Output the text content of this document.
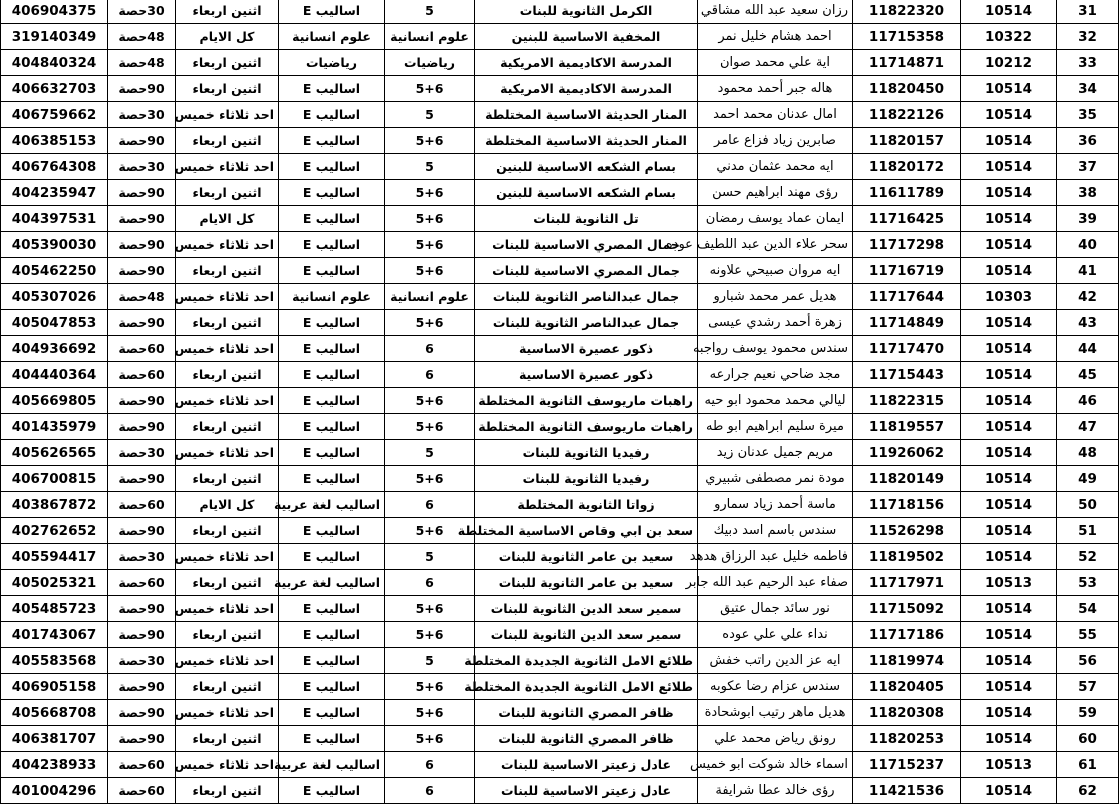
406904375	30حصة	اثنين اربعاء	اساليب E	5	الكرمل الثانوية للبنات	رزان سعيد عبد الله مشاقي	11822320	10514	31
319140349	48حصة	كل الايام	علوم انسانية	علوم انسانية	المخفية الاساسية للبنين	احمد هشام خليل نمر	11715358	10322	32
404840324	48حصة	اثنين اربعاء	رياضيات	رياضيات	المدرسة الاكاديمية الامريكية	اية علي محمد صوان	11714871	10212	33
406632703	90حصة	اثنين اربعاء	اساليب E	5+6	المدرسة الاكاديمية الامريكية	هاله جبر أحمد محمود	11820450	10514	34
406759662	30حصة	احد ثلاثاء خميس	اساليب E	5	المنار الحديثة الاساسية المختلطة	امال عدنان محمد احمد	11822126	10514	35
406385153	90حصة	اثنين اربعاء	اساليب E	5+6	المنار الحديثة الاساسية المختلطة	صابرين زياد فزاع عامر	11820157	10514	36
406764308	30حصة	احد ثلاثاء خميس	اساليب E	5	بسام الشكعه الاساسية للبنين	ايه محمد عثمان مدني	11820172	10514	37
404235947	90حصة	اثنين اربعاء	اساليب E	5+6	بسام الشكعه الاساسية للبنين	رؤى مهند ابراهيم حسن	11611789	10514	38
404397531	90حصة	كل الايام	اساليب E	5+6	تل الثانوية للبنات	ايمان عماد يوسف رمضان	11716425	10514	39
405390030	90حصة	احد ثلاثاء خميس	اساليب E	5+6	جمال المصري الاساسية للبنات	سحر علاء الدين عبد اللطيف عوده	11717298	10514	40
405462250	90حصة	اثنين اربعاء	اساليب E	5+6	جمال المصري الاساسية للبنات	ايه مروان صبيحي علاونه	11716719	10514	41
405307026	48حصة	احد ثلاثاء خميس	علوم انسانية	علوم انسانية	جمال عبدالناصر الثانوية للبنات	هديل عمر محمد شبارو	11717644	10303	42
405047853	90حصة	اثنين اربعاء	اساليب E	5+6	جمال عبدالناصر الثانوية للبنات	زهرة أحمد رشدي عيسى	11714849	10514	43
404936692	60حصة	احد ثلاثاء خميس	اساليب E	6	ذكور عصيرة الاساسية	سندس محمود يوسف رواجبه	11717470	10514	44
404440364	60حصة	اثنين اربعاء	اساليب E	6	ذكور عصيرة الاساسية	مجد ضاحي نعيم جرارعه	11715443	10514	45
405669805	90حصة	احد ثلاثاء خميس	اساليب E	5+6	راهبات ماريوسف الثانوية المختلطة	ليالي محمد محمود ابو حيه	11822315	10514	46
401435979	90حصة	اثنين اربعاء	اساليب E	5+6	راهبات ماريوسف الثانوية المختلطة	ميرة سليم ابراهيم ابو طه	11819557	10514	47
405626565	30حصة	احد ثلاثاء خميس	اساليب E	5	رفيديا الثانوية للبنات	مريم جميل عدنان زيد	11926062	10514	48
406700815	90حصة	اثنين اربعاء	اساليب E	5+6	رفيديا الثانوية للبنات	مودة نمر مصطفى شبيري	11820149	10514	49
403867872	60حصة	كل الايام	اساليب لغة عربية	6	زواتا الثانوية المختلطة	ماسة أحمد زياد سمارو	11718156	10514	50
402762652	90حصة	اثنين اربعاء	اساليب E	5+6	سعد بن ابي وقاص الاساسية المختلطة	سندس باسم اسد دبيك	11526298	10514	51
405594417	30حصة	احد ثلاثاء خميس	اساليب E	5	سعيد بن عامر الثانوية للبنات	فاطمه خليل عبد الرزاق هدهد	11819502	10514	52
405025321	60حصة	اثنين اربعاء	اساليب لغة عربية	6	سعيد بن عامر الثانوية للبنات	صفاء عبد الرحيم عبد الله جابر	11717971	10513	53
405485723	90حصة	احد ثلاثاء خميس	اساليب E	5+6	سمير سعد الدين الثانوية للبنات	نور سائد جمال عتيق	11715092	10514	54
401743067	90حصة	اثنين اربعاء	اساليب E	5+6	سمير سعد الدين الثانوية للبنات	نداء علي علي عوده	11717186	10514	55
405583568	30حصة	احد ثلاثاء خميس	اساليب E	5	طلائع الامل الثانوية الجديدة المختلطة	ايه عز الدين راتب خفش	11819974	10514	56
406905158	90حصة	اثنين اربعاء	اساليب E	5+6	طلائع الامل الثانوية الجديدة المختلطة	سندس عزام رضا عكوبه	11820405	10514	57
405668708	90حصة	احد ثلاثاء خميس	اساليب E	5+6	ظافر المصري الثانوية للبنات	هديل ماهر رتيب ابوشحادة	11820308	10514	59
406381707	90حصة	اثنين اربعاء	اساليب E	5+6	ظافر المصري الثانوية للبنات	رونق رياض محمد علي	11820253	10514	60
404238933	60حصة	احد ثلاثاء خميس	اساليب لغة عربية	6	عادل زعيتر الاساسية للبنات	اسماء خالد شوكت ابو خميس	11715237	10513	61
401004296	60حصة	اثنين اربعاء	اساليب E	6	عادل زعيتر الاساسية للبنات	رؤى خالد عطا شرايفة	11421536	10514	62
